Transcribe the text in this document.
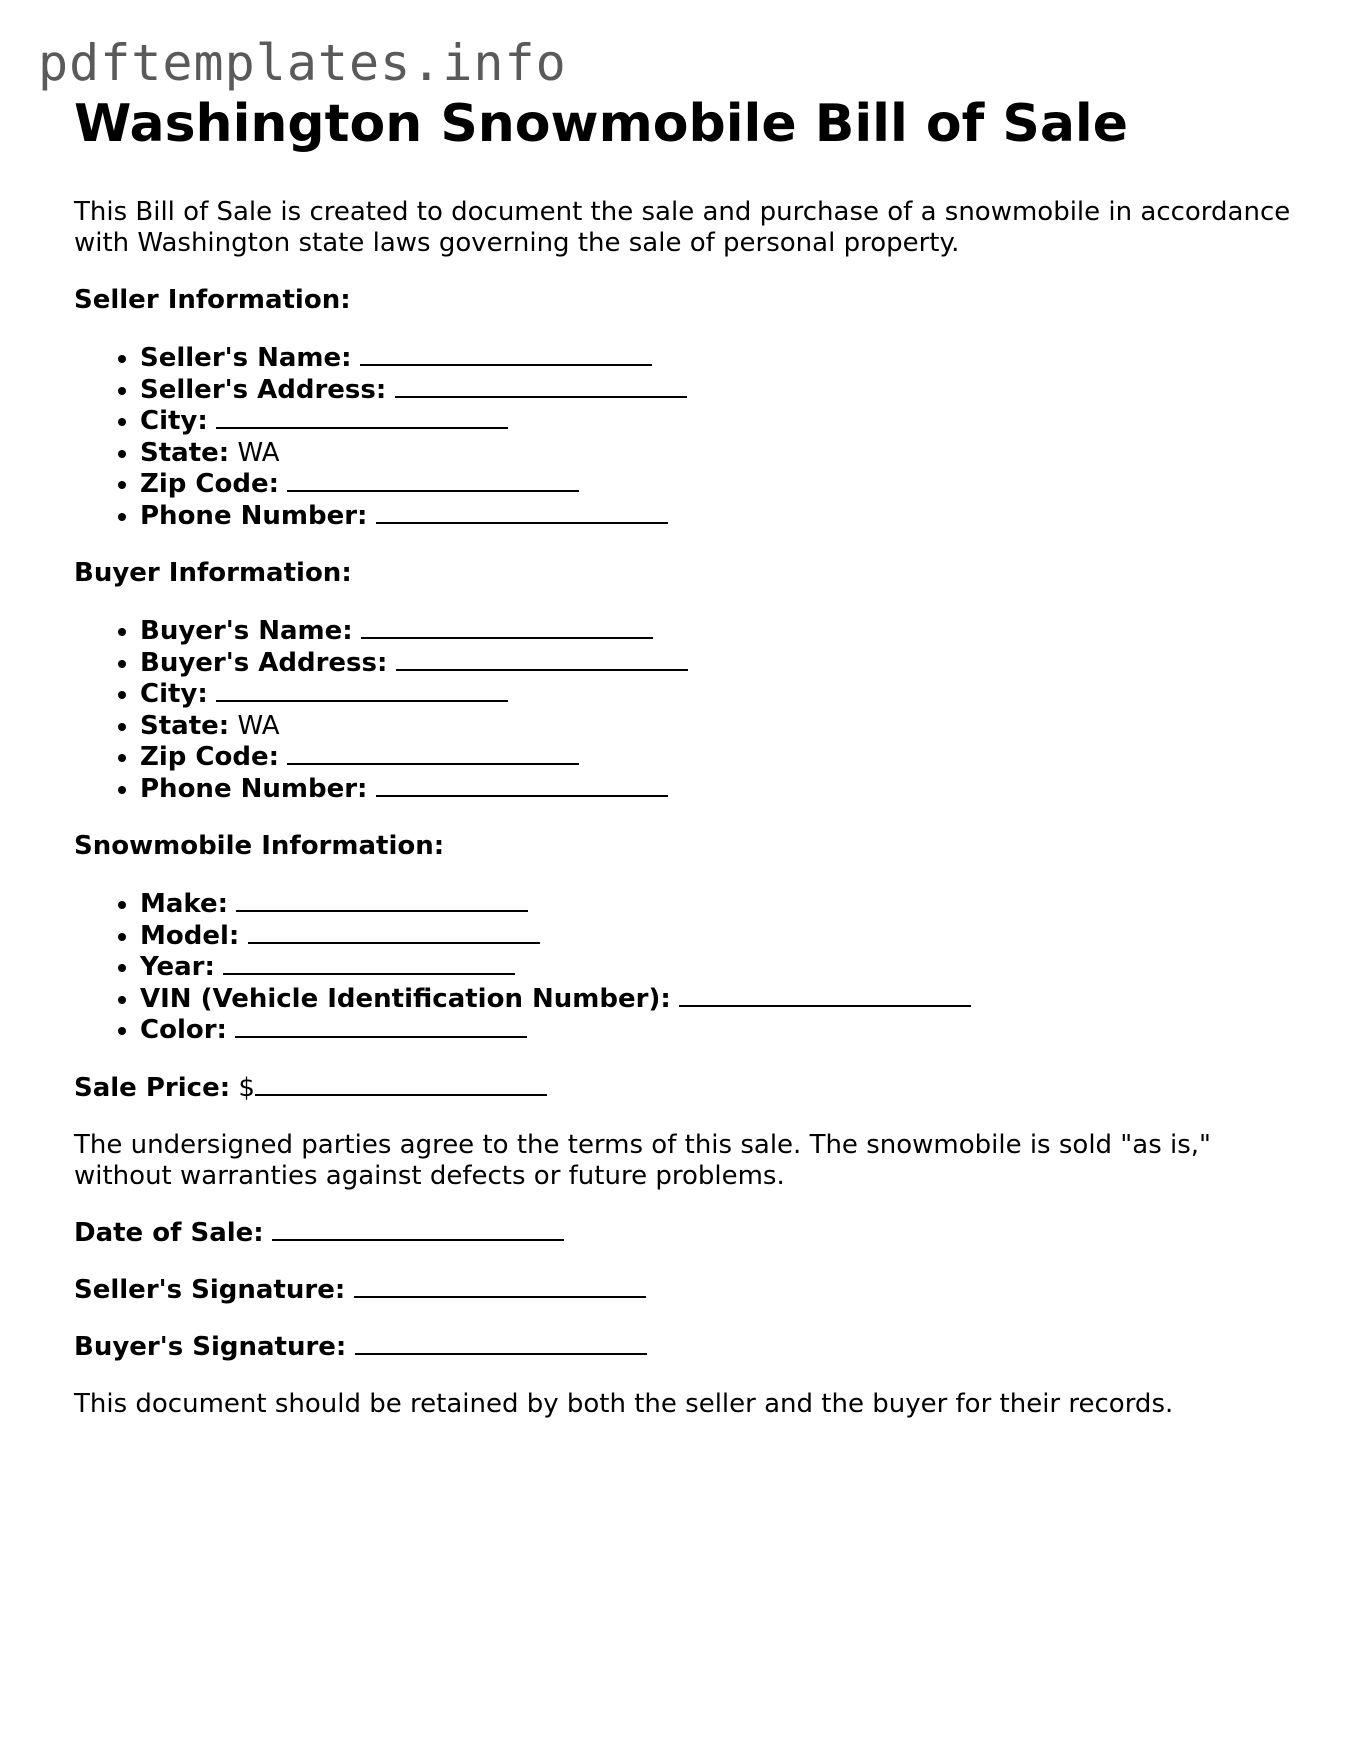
pdftemplates.info
Washington Snowmobile Bill of Sale

This Bill of Sale is created to document the sale and purchase of a snowmobile in accordance with Washington state laws governing the sale of personal property.

Seller Information:

• Seller's Name:
• Seller's Address:
• City:
• State: WA
• Zip Code:
• Phone Number:

Buyer Information:

• Buyer's Name:
• Buyer's Address:
• City:
• State: WA
• Zip Code:
• Phone Number:

Snowmobile Information:

• Make:
• Model:
• Year:
• VIN (Vehicle Identification Number):
• Color:

Sale Price: $

The undersigned parties agree to the terms of this sale. The snowmobile is sold "as is," without warranties against defects or future problems.

Date of Sale:

Seller's Signature:

Buyer's Signature:

This document should be retained by both the seller and the buyer for their records.
